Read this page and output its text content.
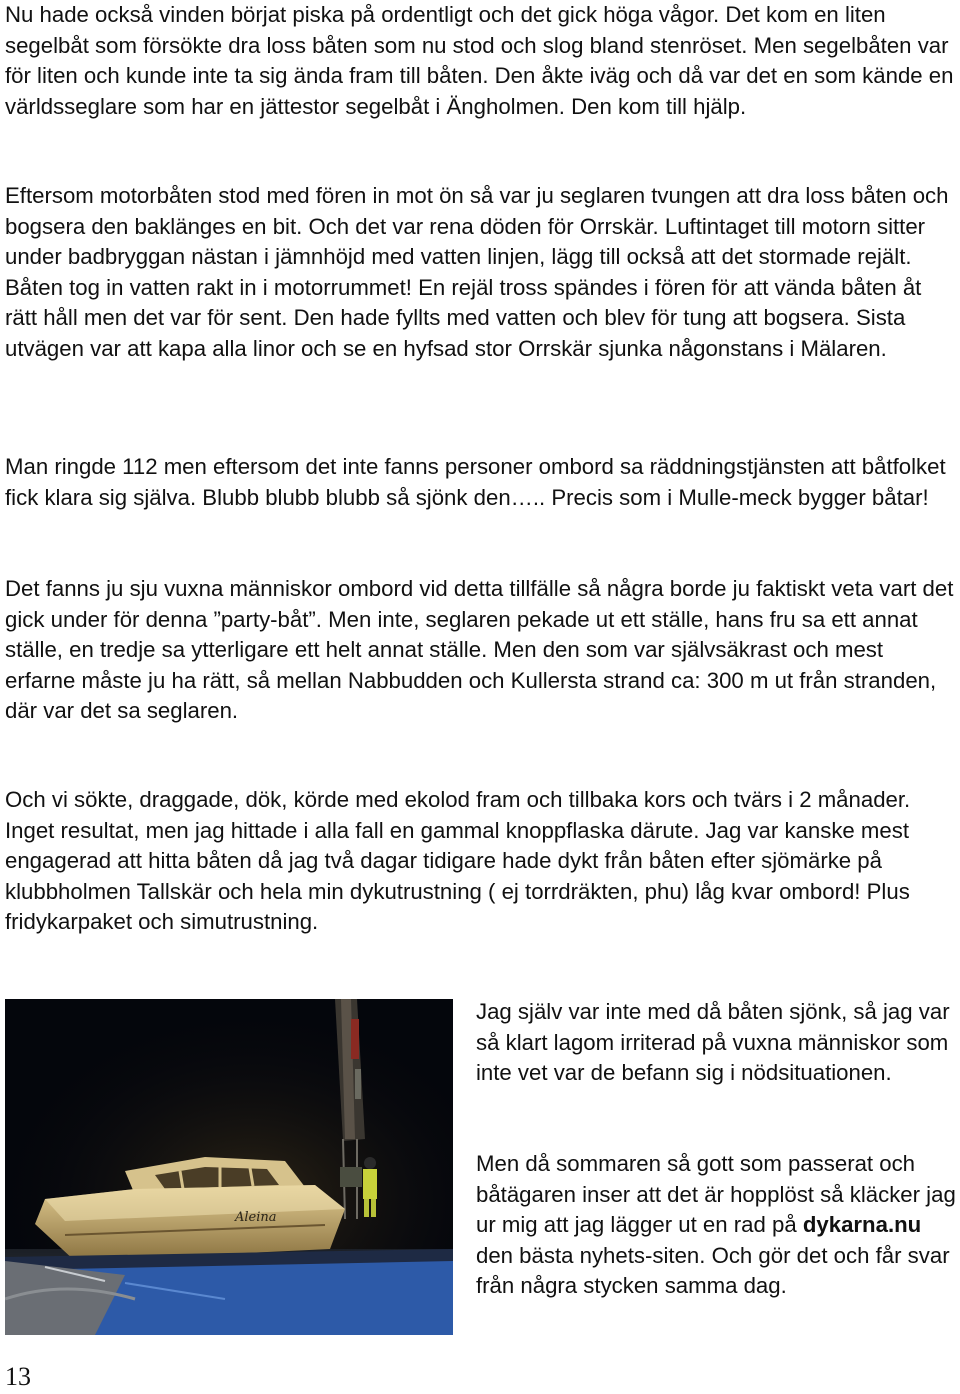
Nu hade också vinden börjat piska på ordentligt och det gick höga vågor. Det kom en liten segelbåt som försökte dra loss båten som nu stod och slog bland stenröset. Men segelbåten var för liten och kunde inte ta sig ända fram till båten. Den åkte iväg och då var det en som kände en världsseglare som har en jättestor segelbåt i Ängholmen. Den kom till hjälp.

Eftersom motorbåten stod med fören in mot ön så var ju seglaren tvungen att dra loss båten och bogsera den baklänges en bit. Och det var rena döden för Orrskär. Luftintaget till motorn sitter under badbryggan nästan i jämnhöjd med vatten linjen, lägg till också att det stormade rejält. Båten tog in vatten rakt in i motorrummet! En rejäl tross spändes i fören för att vända båten åt rätt håll men det var för sent. Den hade fyllts med vatten och blev för tung att bogsera. Sista utvägen var att kapa alla linor och se en hyfsad stor Orrskär sjunka någonstans i Mälaren.

Man ringde 112 men eftersom det inte fanns personer ombord sa räddningstjänsten att båtfolket fick klara sig själva. Blubb blubb blubb så sjönk den….. Precis som i Mulle-meck bygger båtar!

Det fanns ju sju vuxna människor ombord vid detta tillfälle så några borde ju faktiskt veta vart det gick under för denna ”party-båt”. Men inte, seglaren pekade ut ett ställe, hans fru sa ett annat ställe, en tredje sa ytterligare ett helt annat ställe. Men den som var självsäkrast och mest erfarne måste ju ha rätt, så mellan Nabbudden och Kullersta strand ca: 300 m ut från stranden, där var det sa seglaren.

Och vi sökte, draggade, dök, körde med ekolod fram och tillbaka kors och tvärs i 2 månader. Inget resultat, men jag hittade i alla fall en gammal knoppflaska därute. Jag var kanske mest engagerad att hitta båten då jag två dagar tidigare hade dykt från båten efter sjömärke på klubbholmen Tallskär och hela min dykutrustning ( ej torrdräkten, phu) låg kvar ombord! Plus fridykarpaket och simutrustning.

Aleina

Jag själv var inte med då båten sjönk, så jag var så klart lagom irriterad på vuxna människor som inte vet var de befann sig i nödsituationen.

Men då sommaren så gott som passerat och båtägaren inser att det är hopplöst så kläcker jag ur mig att jag lägger ut en rad på dykarna.nu den bästa nyhets-siten. Och gör det och får svar från några stycken samma dag.

13
